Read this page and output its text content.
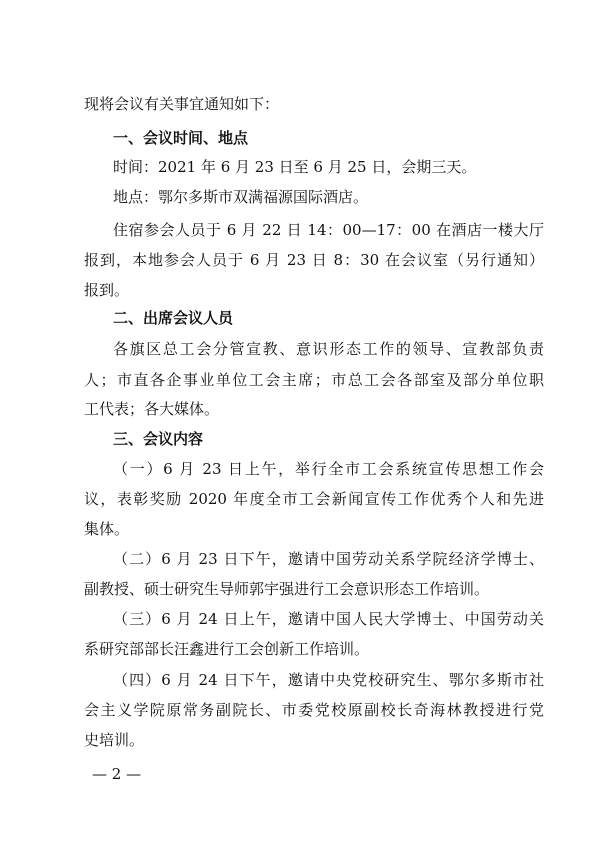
现将会议有关事宜通知如下：
一、会议时间、地点
时间：2021 年 6 月 23 日至 6 月 25 日，会期三天。
地点：鄂尔多斯市双满福源国际酒店。
住宿参会人员于 6 月 22 日 14：00—17：00 在酒店一楼大厅
报到，本地参会人员于 6 月 23 日 8：30 在会议室（另行通知）
报到。
二、出席会议人员
各旗区总工会分管宣教、意识形态工作的领导、宣教部负责
人；市直各企事业单位工会主席；市总工会各部室及部分单位职
工代表；各大媒体。
三、会议内容
（一）6 月 23 日上午，举行全市工会系统宣传思想工作会
议，表彰奖励 2020 年度全市工会新闻宣传工作优秀个人和先进
集体。
（二）6 月 23 日下午，邀请中国劳动关系学院经济学博士、
副教授、硕士研究生导师郭宇强进行工会意识形态工作培训。
（三）6 月 24 日上午，邀请中国人民大学博士、中国劳动关
系研究部部长汪鑫进行工会创新工作培训。
（四）6 月 24 日下午，邀请中央党校研究生、鄂尔多斯市社
会主义学院原常务副院长、市委党校原副校长奇海林教授进行党
史培训。
— 2 —
